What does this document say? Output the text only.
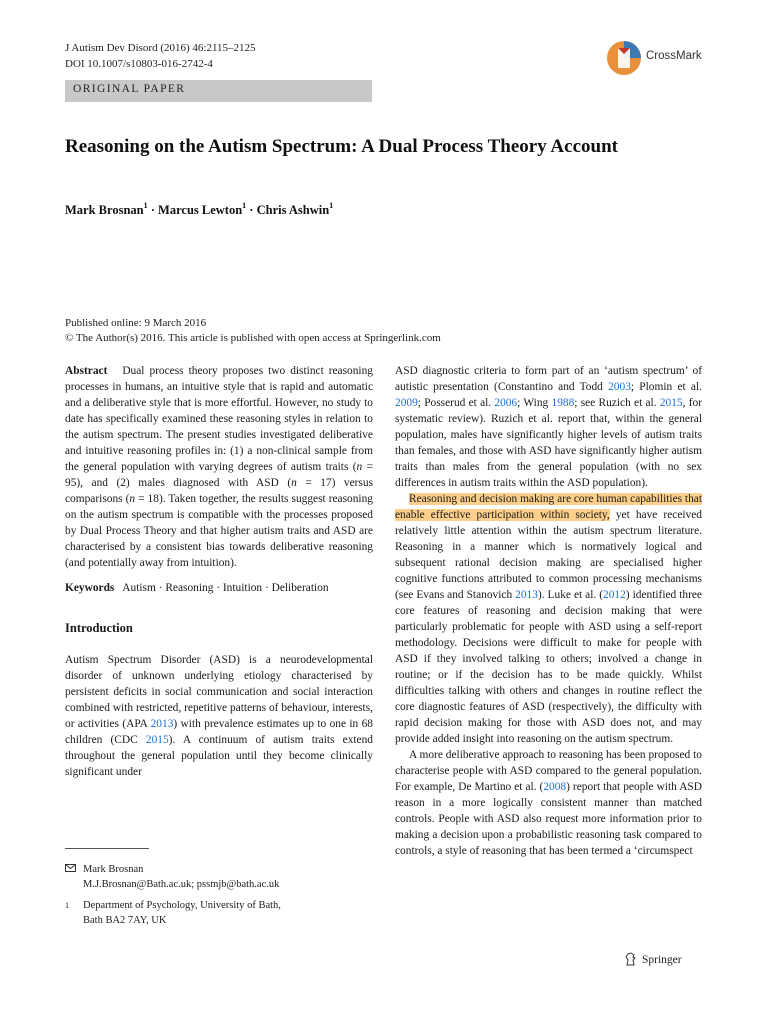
J Autism Dev Disord (2016) 46:2115–2125
DOI 10.1007/s10803-016-2742-4
CrossMark
ORIGINAL PAPER
Reasoning on the Autism Spectrum: A Dual Process Theory Account
Mark Brosnan$^1$ · Marcus Lewton$^1$ · Chris Ashwin$^1$
Published online: 9 March 2016
© The Author(s) 2016. This article is published with open access at Springerlink.com

Abstract Dual process theory proposes two distinct reasoning processes in humans, an intuitive style that is rapid and automatic and a deliberative style that is more effortful. However, no study to date has specifically examined these reasoning styles in relation to the autism spectrum. The present studies investigated deliberative and intuitive reasoning profiles in: (1) a non-clinical sample from the general population with varying degrees of autism traits (n = 95), and (2) males diagnosed with ASD (n = 17) versus comparisons (n = 18). Taken together, the results suggest reasoning on the autism spectrum is compatible with the processes proposed by Dual Process Theory and that higher autism traits and ASD are characterised by a consistent bias towards deliberative reasoning (and potentially away from intuition).

Keywords Autism · Reasoning · Intuition · Deliberation

Introduction

Autism Spectrum Disorder (ASD) is a neurodevelopmental disorder of unknown underlying etiology characterised by persistent deficits in social communication and social interaction combined with restricted, repetitive patterns of behaviour, interests, or activities (APA 2013) with prevalence estimates up to one in 68 children (CDC 2015). A continuum of autism traits extend throughout the general population until they become clinically significant under

ASD diagnostic criteria to form part of an ‘autism spectrum’ of autistic presentation (Constantino and Todd 2003; Plomin et al. 2009; Posserud et al. 2006; Wing 1988; see Ruzich et al. 2015, for systematic review). Ruzich et al. report that, within the general population, males have significantly higher levels of autism traits than females, and those with ASD have significantly higher autism traits than males from the general population (with no sex differences in autism traits within the ASD population).

Reasoning and decision making are core human capabilities that enable effective participation within society, yet have received relatively little attention within the autism spectrum literature. Reasoning in a manner which is normatively logical and subsequent rational decision making are specialised higher cognitive functions attributed to common processing mechanisms (see Evans and Stanovich 2013). Luke et al. (2012) identified three core features of reasoning and decision making that were particularly problematic for people with ASD using a self-report methodology. Decisions were difficult to make for people with ASD if they involved talking to others; involved a change in routine; or if the decision has to be made quickly. Whilst difficulties talking with others and changes in routine reflect the core diagnostic features of ASD (respectively), the difficulty with rapid decision making for those with ASD does not, and may provide added insight into reasoning on the autism spectrum.

A more deliberative approach to reasoning has been proposed to characterise people with ASD compared to the general population. For example, De Martino et al. (2008) report that people with ASD reason in a more logically consistent manner than matched controls. People with ASD also request more information prior to making a decision upon a probabilistic reasoning task compared to controls, a style of reasoning that has been termed a ‘circumspect

Mark Brosnan
M.J.Brosnan@Bath.ac.uk; pssmjb@bath.ac.uk
1	Department of Psychology, University of Bath,
Bath BA2 7AY, UK
Springer
